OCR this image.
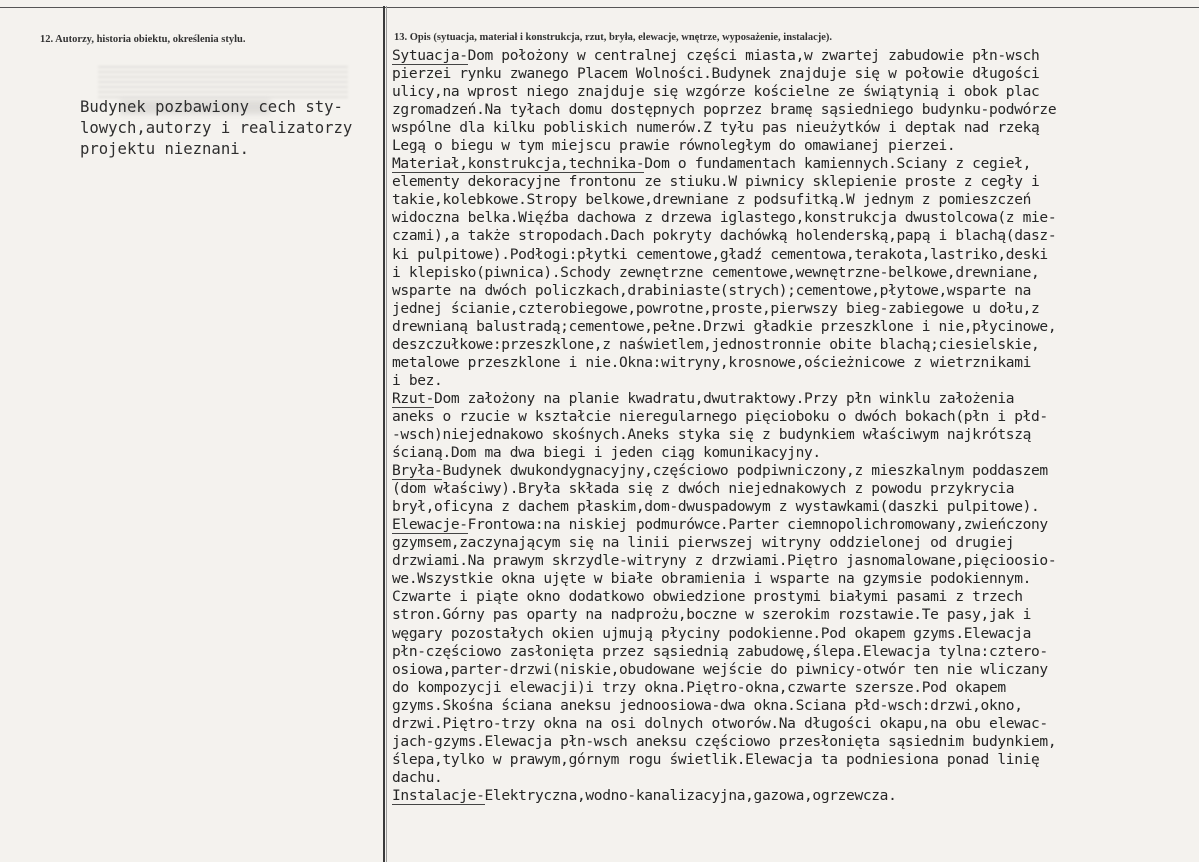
12. Autorzy, historia obiektu, określenia stylu.	13. Opis (sytuacja, materiał i konstrukcja, rzut, bryła, elewacje, wnętrze, wyposażenie, instalacje).
Budynek pozbawiony cech sty-
lowych,autorzy i realizatorzy
projektu nieznani.
Sytuacja-Dom położony w centralnej części miasta,w zwartej zabudowie płn-wsch
pierzei rynku zwanego Placem Wolności.Budynek znajduje się w połowie długości
ulicy,na wprost niego znajduje się wzgórze kościelne ze świątynią i obok plac
zgromadzeń.Na tyłach domu dostępnych poprzez bramę sąsiedniego budynku-podwórze
wspólne dla kilku pobliskich numerów.Z tyłu pas nieużytków i deptak nad rzeką
Legą o biegu w tym miejscu prawie równoległym do omawianej pierzei.
Materiał,konstrukcja,technika-Dom o fundamentach kamiennych.Sciany z cegieł,
elementy dekoracyjne frontonu ze stiuku.W piwnicy sklepienie proste z cegły i
takie,kolebkowe.Stropy belkowe,drewniane z podsufitką.W jednym z pomieszczeń
widoczna belka.Więźba dachowa z drzewa iglastego,konstrukcja dwustolcowa(z mie-
czami),a także stropodach.Dach pokryty dachówką holenderską,papą i blachą(dasz-
ki pulpitowe).Podłogi:płytki cementowe,gładź cementowa,terakota,lastriko,deski
i klepisko(piwnica).Schody zewnętrzne cementowe,wewnętrzne-belkowe,drewniane,
wsparte na dwóch policzkach,drabiniaste(strych);cementowe,płytowe,wsparte na
jednej ścianie,czterobiegowe,powrotne,proste,pierwszy bieg-zabiegowe u dołu,z
drewnianą balustradą;cementowe,pełne.Drzwi gładkie przeszklone i nie,płycinowe,
deszczułkowe:przeszklone,z naświetlem,jednostronnie obite blachą;ciesielskie,
metalowe przeszklone i nie.Okna:witryny,krosnowe,ościeżnicowe z wietrznikami
i bez.
Rzut-Dom założony na planie kwadratu,dwutraktowy.Przy płn winklu założenia
aneks o rzucie w kształcie nieregularnego pięcioboku o dwóch bokach(płn i płd-
-wsch)niejednakowo skośnych.Aneks styka się z budynkiem właściwym najkrótszą
ścianą.Dom ma dwa biegi i jeden ciąg komunikacyjny.
Bryła-Budynek dwukondygnacyjny,częściowo podpiwniczony,z mieszkalnym poddaszem
(dom właściwy).Bryła składa się z dwóch niejednakowych z powodu przykrycia
brył,oficyna z dachem płaskim,dom-dwuspadowym z wystawkami(daszki pulpitowe).
Elewacje-Frontowa:na niskiej podmurówce.Parter ciemnopolichromowany,zwieńczony
gzymsem,zaczynającym się na linii pierwszej witryny oddzielonej od drugiej
drzwiami.Na prawym skrzydle-witryny z drzwiami.Piętro jasnomalowane,pięcioosio-
we.Wszystkie okna ujęte w białe obramienia i wsparte na gzymsie podokiennym.
Czwarte i piąte okno dodatkowo obwiedzione prostymi białymi pasami z trzech
stron.Górny pas oparty na nadprożu,boczne w szerokim rozstawie.Te pasy,jak i
węgary pozostałych okien ujmują płyciny podokienne.Pod okapem gzyms.Elewacja
płn-częściowo zasłonięta przez sąsiednią zabudowę,ślepa.Elewacja tylna:cztero-
osiowa,parter-drzwi(niskie,obudowane wejście do piwnicy-otwór ten nie wliczany
do kompozycji elewacji)i trzy okna.Piętro-okna,czwarte szersze.Pod okapem
gzyms.Skośna ściana aneksu jednoosiowa-dwa okna.Sciana płd-wsch:drzwi,okno,
drzwi.Piętro-trzy okna na osi dolnych otworów.Na długości okapu,na obu elewac-
jach-gzyms.Elewacja płn-wsch aneksu częściowo przesłonięta sąsiednim budynkiem,
ślepa,tylko w prawym,górnym rogu świetlik.Elewacja ta podniesiona ponad linię
dachu.
Instalacje-Elektryczna,wodno-kanalizacyjna,gazowa,ogrzewcza.
